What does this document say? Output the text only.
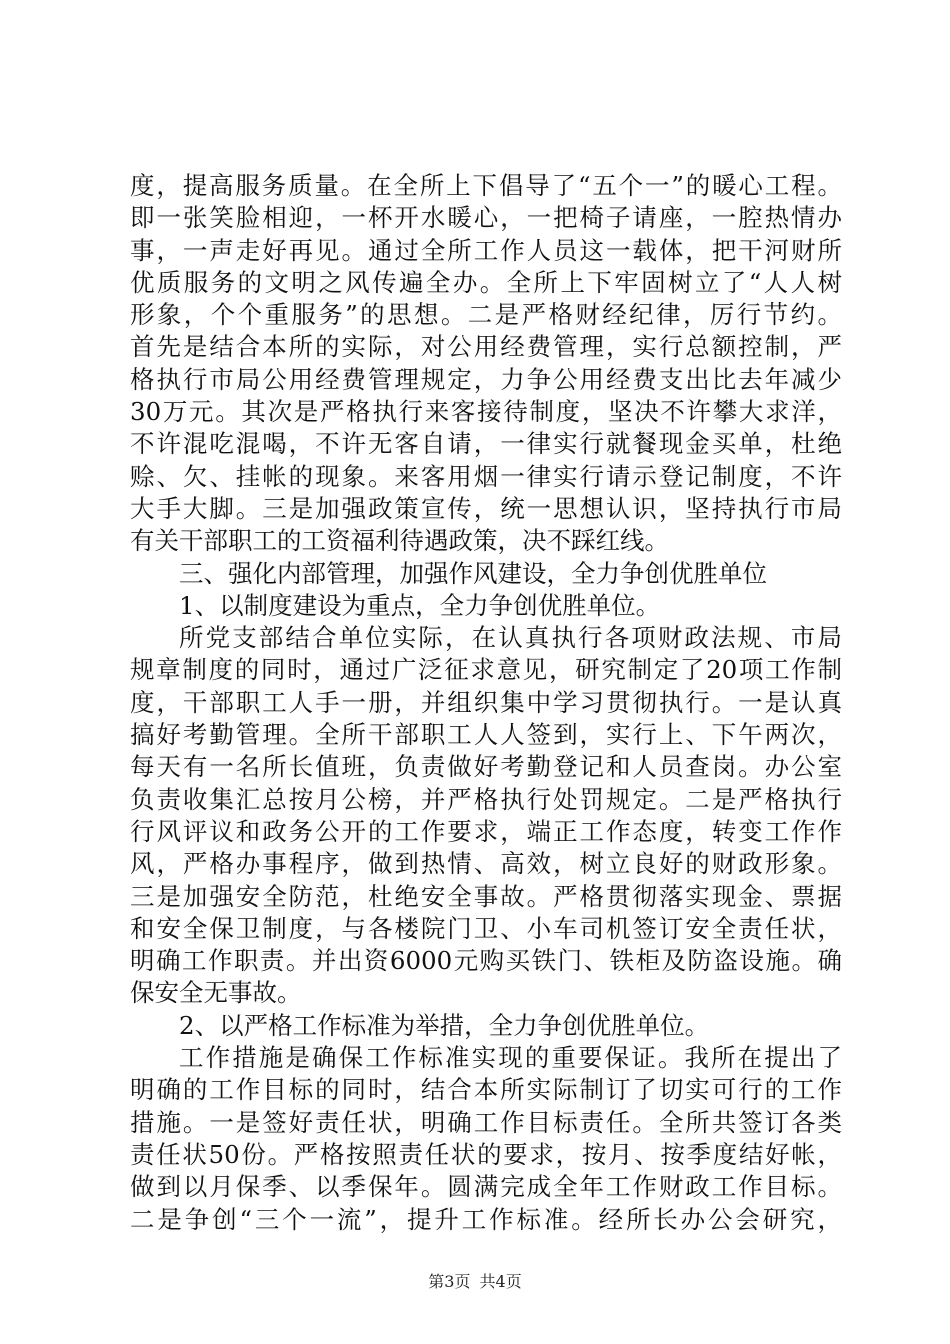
度，提高服务质量。在全所上下倡导了“五个一”的暖心工程。
即一张笑脸相迎，一杯开水暖心，一把椅子请座，一腔热情办
事，一声走好再见。通过全所工作人员这一载体，把干河财所
优质服务的文明之风传遍全办。全所上下牢固树立了“人人树
形象，个个重服务”的思想。二是严格财经纪律，厉行节约。
首先是结合本所的实际，对公用经费管理，实行总额控制，严
格执行市局公用经费管理规定，力争公用经费支出比去年减少
30万元。其次是严格执行来客接待制度，坚决不许攀大求洋，
不许混吃混喝，不许无客自请，一律实行就餐现金买单，杜绝
赊、欠、挂帐的现象。来客用烟一律实行请示登记制度，不许
大手大脚。三是加强政策宣传，统一思想认识，坚持执行市局
有关干部职工的工资福利待遇政策，决不踩红线。
三、强化内部管理，加强作风建设，全力争创优胜单位
1、以制度建设为重点，全力争创优胜单位。
所党支部结合单位实际，在认真执行各项财政法规、市局
规章制度的同时，通过广泛征求意见，研究制定了20项工作制
度，干部职工人手一册，并组织集中学习贯彻执行。一是认真
搞好考勤管理。全所干部职工人人签到，实行上、下午两次，
每天有一名所长值班，负责做好考勤登记和人员查岗。办公室
负责收集汇总按月公榜，并严格执行处罚规定。二是严格执行
行风评议和政务公开的工作要求，端正工作态度，转变工作作
风，严格办事程序，做到热情、高效，树立良好的财政形象。
三是加强安全防范，杜绝安全事故。严格贯彻落实现金、票据
和安全保卫制度，与各楼院门卫、小车司机签订安全责任状，
明确工作职责。并出资6000元购买铁门、铁柜及防盗设施。确
保安全无事故。
2、以严格工作标准为举措，全力争创优胜单位。
工作措施是确保工作标准实现的重要保证。我所在提出了
明确的工作目标的同时，结合本所实际制订了切实可行的工作
措施。一是签好责任状，明确工作目标责任。全所共签订各类
责任状50份。严格按照责任状的要求，按月、按季度结好帐，
做到以月保季、以季保年。圆满完成全年工作财政工作目标。
二是争创“三个一流”，提升工作标准。经所长办公会研究，
第3页 共4页
